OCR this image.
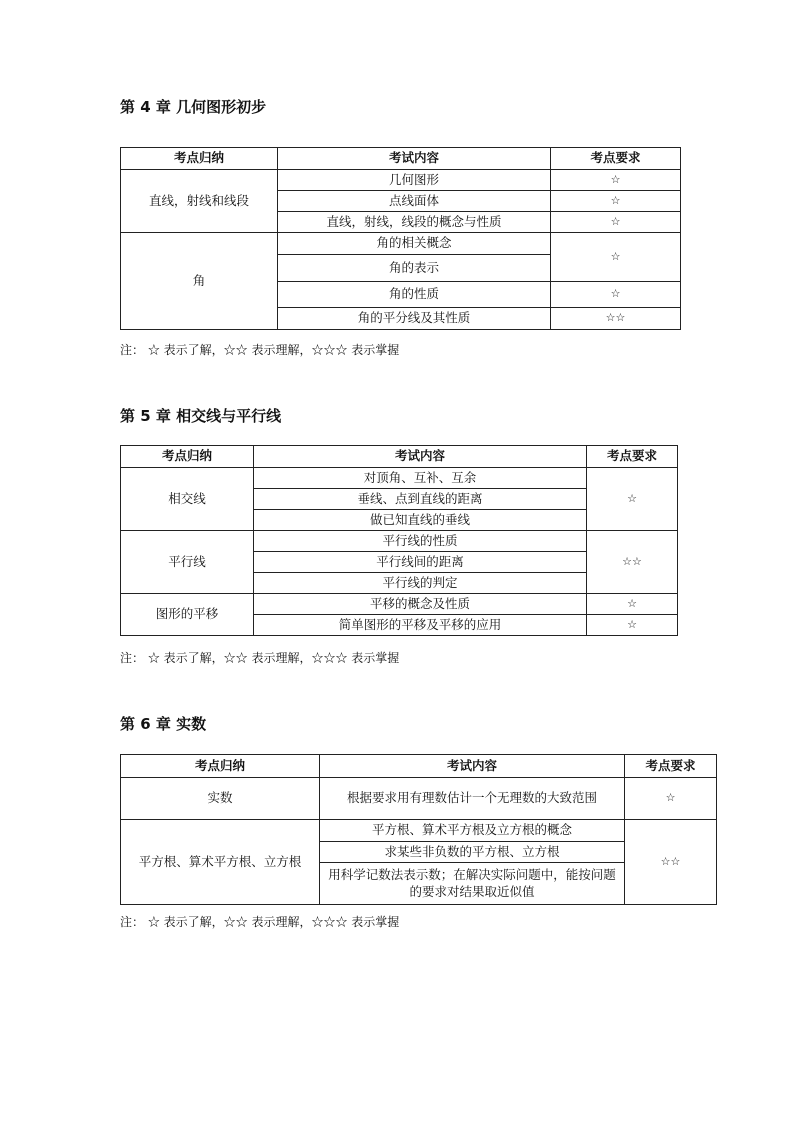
第 4 章 几何图形初步
考点归纳	考试内容	考点要求
直线，射线和线段	几何图形	☆
	点线面体	☆
	直线，射线，线段的概念与性质	☆
角	角的相关概念	☆
	角的表示	
	角的性质	☆
	角的平分线及其性质	☆☆

注： ☆ 表示了解，☆☆ 表示理解，☆☆☆ 表示掌握

第 5 章 相交线与平行线
考点归纳	考试内容	考点要求
相交线	对顶角、互补、互余	☆
	垂线、点到直线的距离	
	做已知直线的垂线	
平行线	平行线的性质	☆☆
	平行线间的距离	
	平行线的判定	
图形的平移	平移的概念及性质	☆
	简单图形的平移及平移的应用	☆

注： ☆ 表示了解，☆☆ 表示理解，☆☆☆ 表示掌握

第 6 章 实数
考点归纳	考试内容	考点要求
实数	根据要求用有理数估计一个无理数的大致范围	☆
平方根、算术平方根、立方根	平方根、算术平方根及立方根的概念	☆☆
	求某些非负数的平方根、立方根	
	用科学记数法表示数；在解决实际问题中，能按问题的要求对结果取近似值	

注： ☆ 表示了解，☆☆ 表示理解，☆☆☆ 表示掌握
